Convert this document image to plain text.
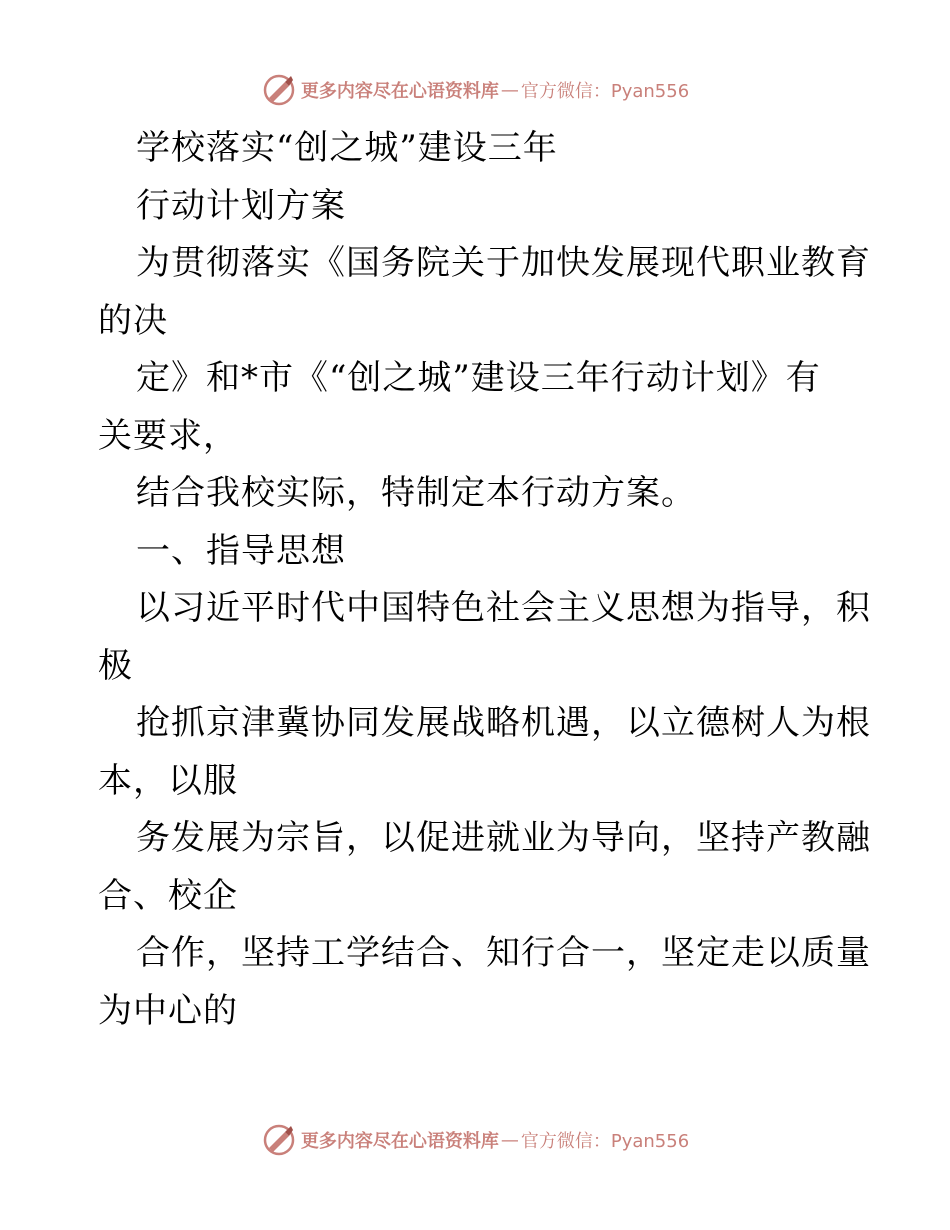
更多内容尽在心语资料库 — 官方微信：Pyan556
学校落实“创之城”建设三年
行动计划方案
为贯彻落实《国务院关于加快发展现代职业教育
的决
定》和*市《“创之城”建设三年行动计划》有
关要求，
结合我校实际，特制定本行动方案。
一、指导思想
以习近平时代中国特色社会主义思想为指导，积
极
抢抓京津冀协同发展战略机遇，以立德树人为根
本，以服
务发展为宗旨，以促进就业为导向，坚持产教融
合、校企
合作，坚持工学结合、知行合一，坚定走以质量
为中心的
更多内容尽在心语资料库 — 官方微信：Pyan556
